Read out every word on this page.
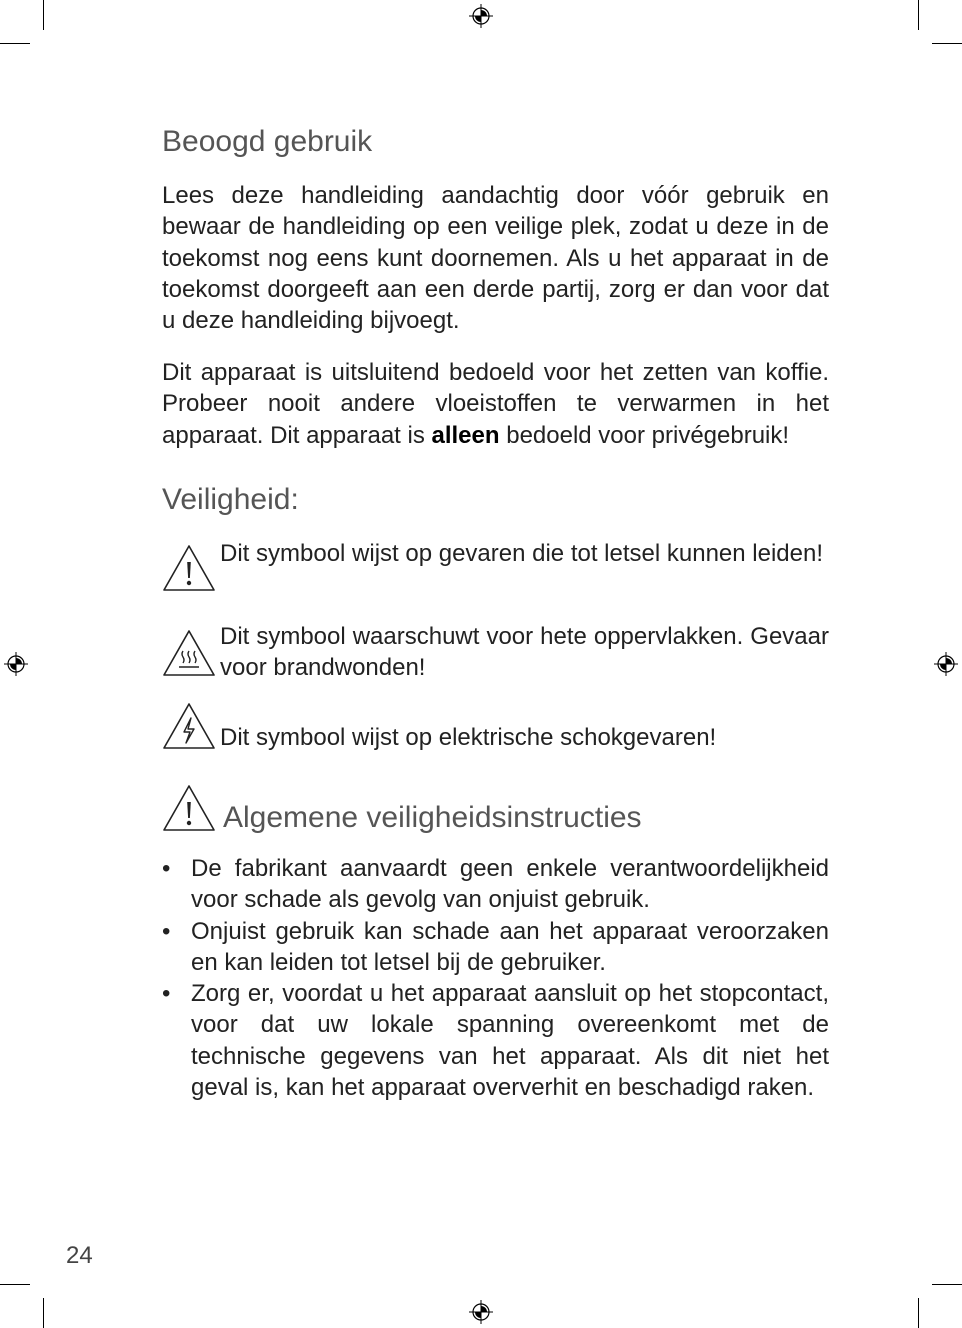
Beoogd gebruik

Lees deze handleiding aandachtig door vóór gebruik en bewaar de handleiding op een veilige plek, zodat u deze in de toekomst nog eens kunt doornemen. Als u het apparaat in de toekomst doorgeeft aan een derde partij, zorg er dan voor dat u deze handleiding bijvoegt.

Dit apparaat is uitsluitend bedoeld voor het zetten van koffie. Probeer nooit andere vloeistoffen te verwarmen in het apparaat. Dit apparaat is alleen bedoeld voor privégebruik!

Veiligheid:
Dit symbool wijst op gevaren die tot letsel kunnen leiden!
Dit symbool waarschuwt voor hete oppervlakken. Gevaar voor brandwonden!
Dit symbool wijst op elektrische schokgevaren!
Algemene veiligheidsinstructies
• De fabrikant aanvaardt geen enkele verantwoordelijkheid voor schade als gevolg van onjuist gebruik.
• Onjuist gebruik kan schade aan het apparaat veroorzaken en kan leiden tot letsel bij de gebruiker.
• Zorg er, voordat u het apparaat aansluit op het stopcontact, voor dat uw lokale spanning overeenkomt met de technische gegevens van het apparaat. Als dit niet het geval is, kan het apparaat oververhit en beschadigd raken.
24
